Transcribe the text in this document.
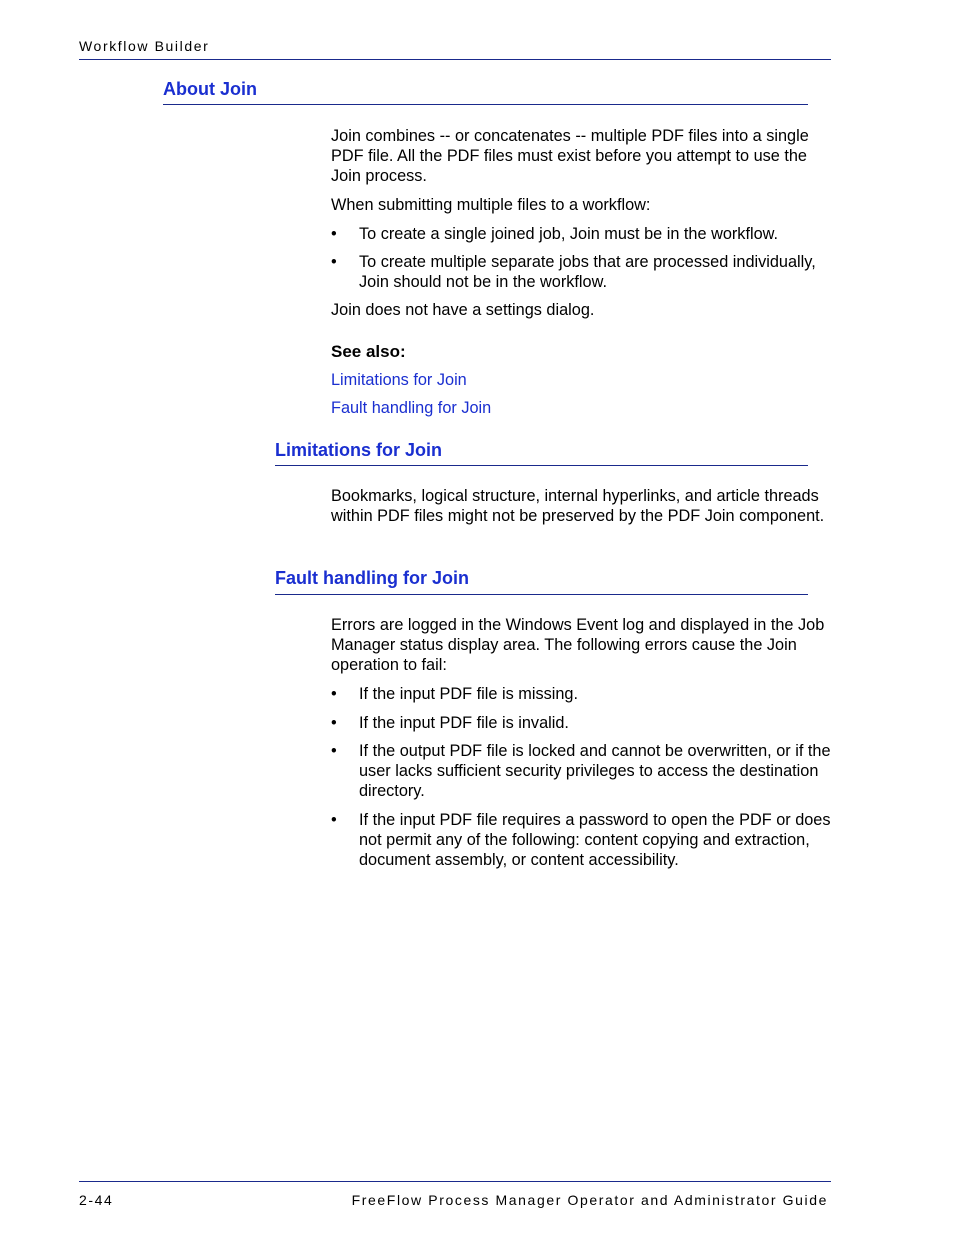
Workflow Builder
About Join

Join combines -- or concatenates -- multiple PDF files into a single PDF file. All the PDF files must exist before you attempt to use the Join process.

When submitting multiple files to a workflow:

• To create a single joined job, Join must be in the workflow.
• To create multiple separate jobs that are processed individually, Join should not be in the workflow.

Join does not have a settings dialog.

See also:

Limitations for Join

Fault handling for Join

Limitations for Join

Bookmarks, logical structure, internal hyperlinks, and article threads within PDF files might not be preserved by the PDF Join component.

Fault handling for Join

Errors are logged in the Windows Event log and displayed in the Job Manager status display area. The following errors cause the Join operation to fail:

• If the input PDF file is missing.
• If the input PDF file is invalid.
• If the output PDF file is locked and cannot be overwritten, or if the user lacks sufficient security privileges to access the destination directory.
• If the input PDF file requires a password to open the PDF or does not permit any of the following: content copying and extraction, document assembly, or content accessibility.
2-44	FreeFlow Process Manager Operator and Administrator Guide
